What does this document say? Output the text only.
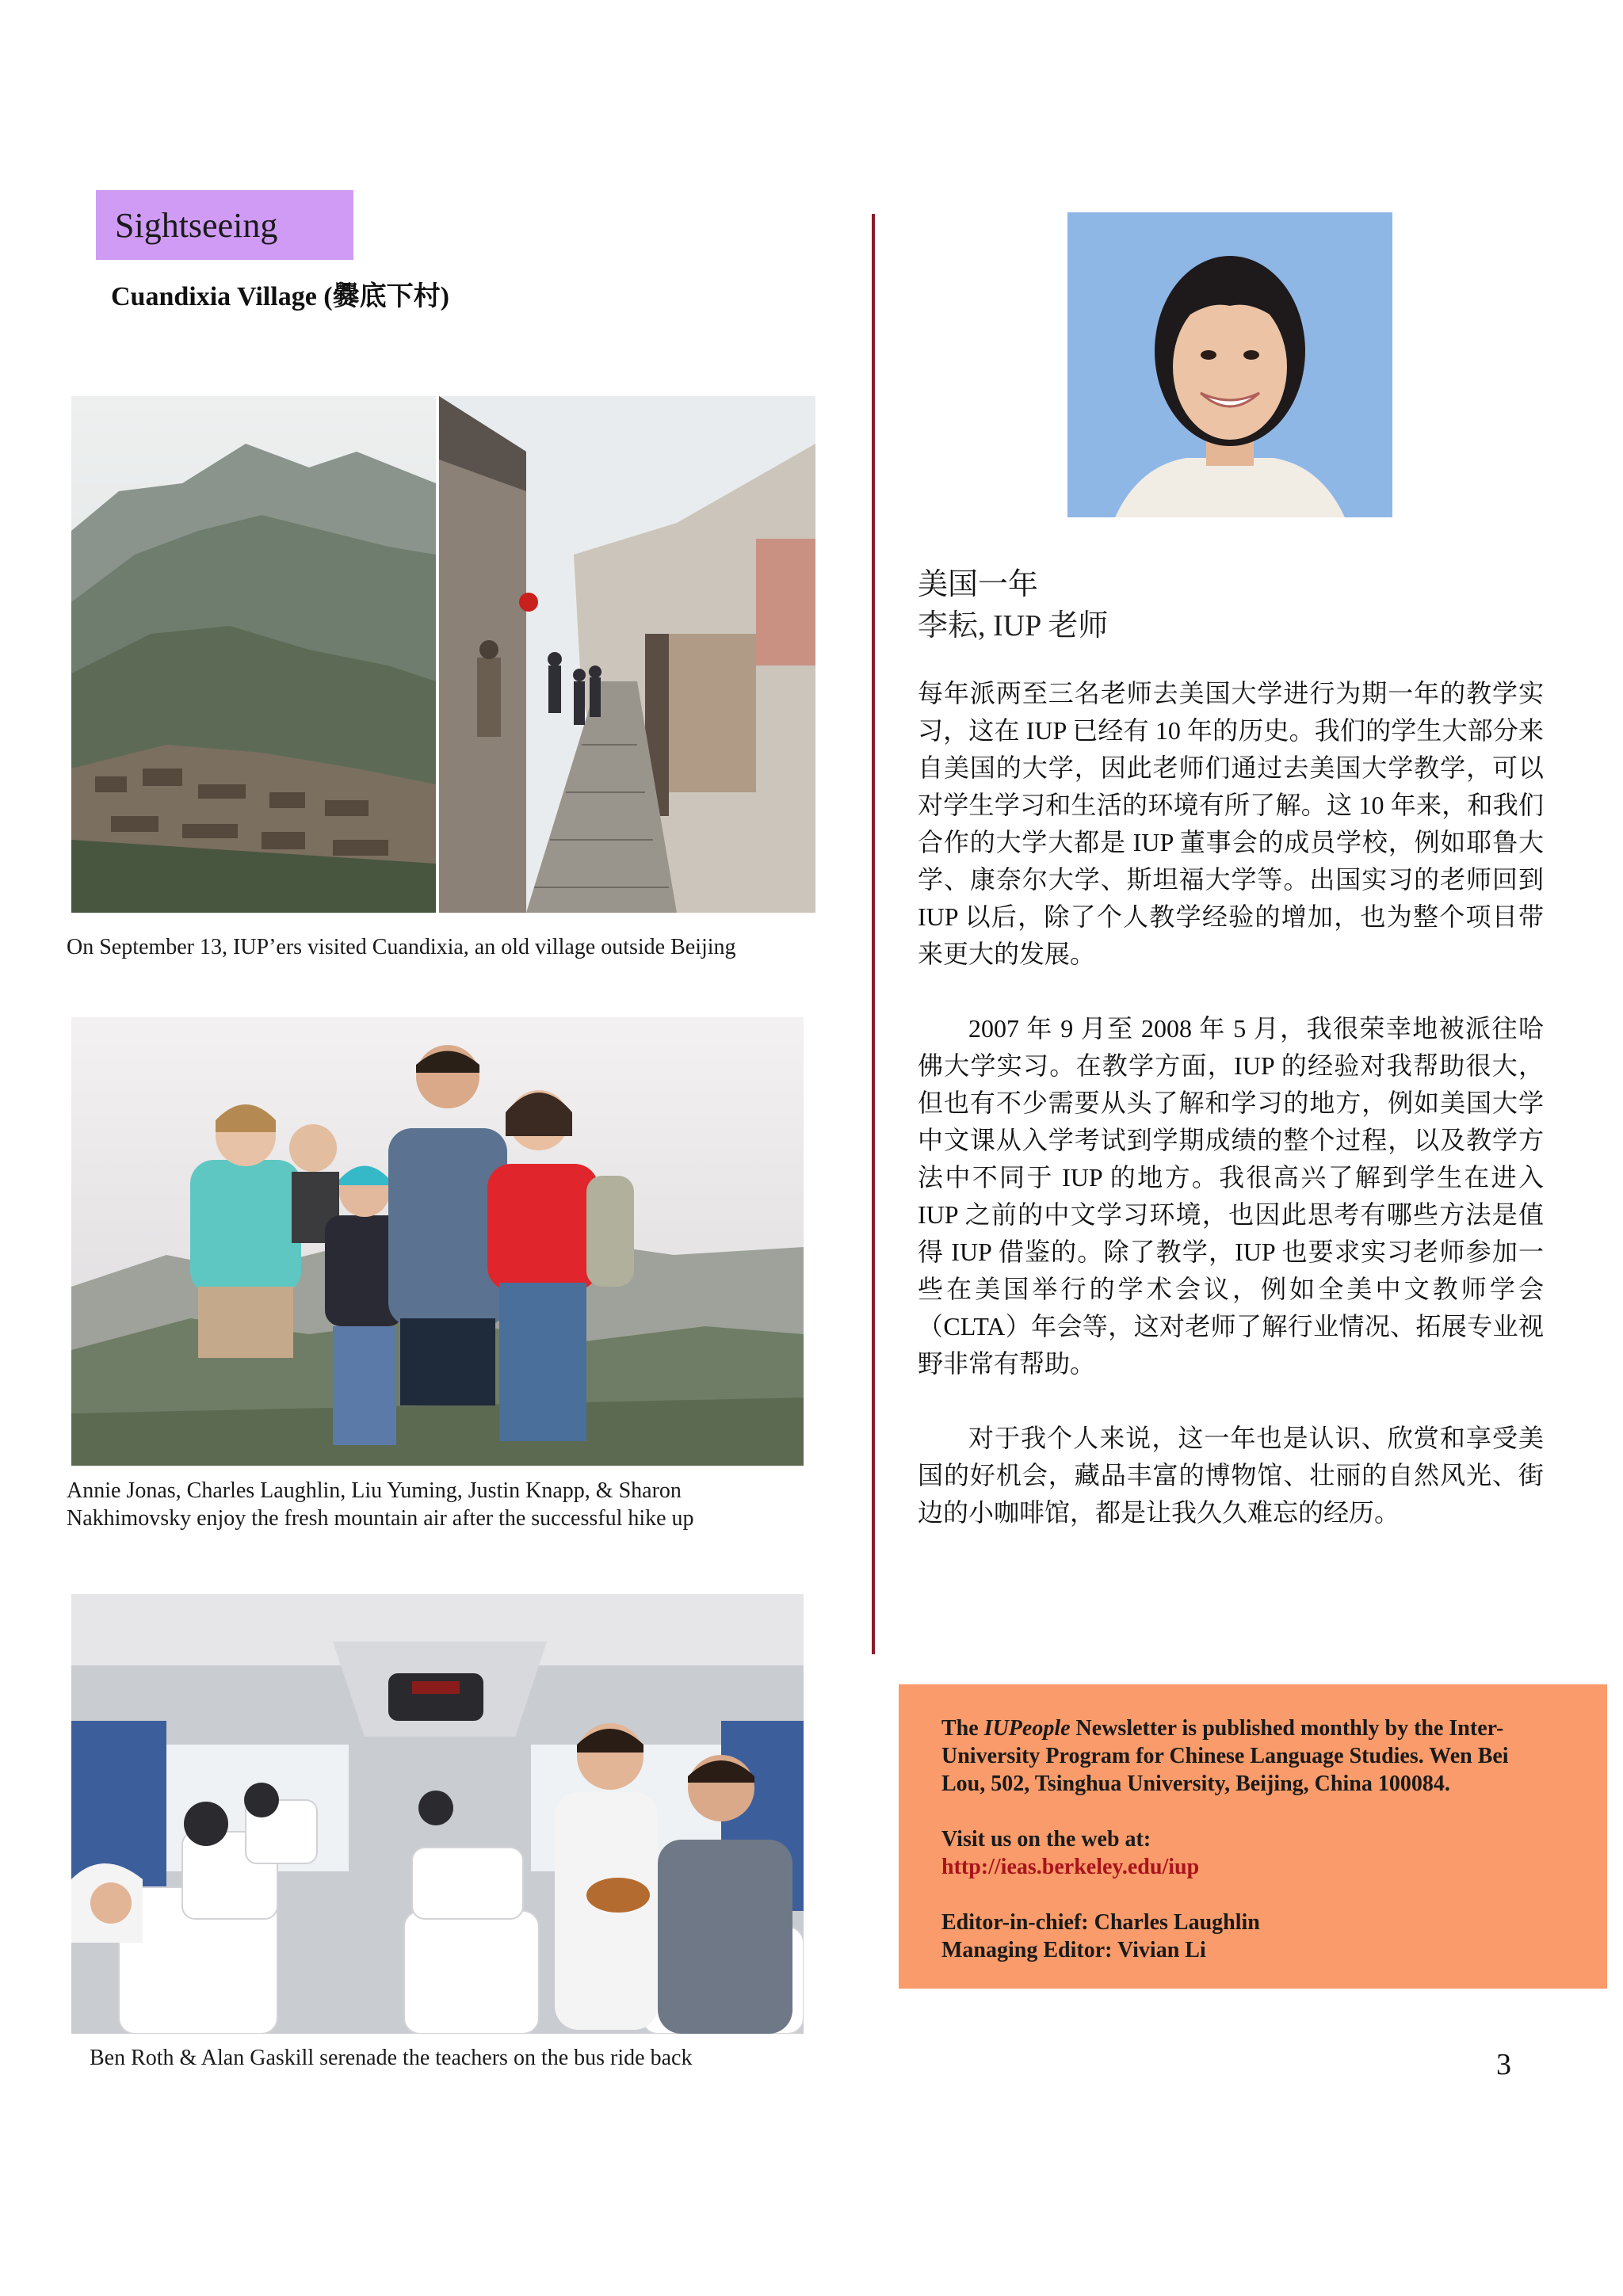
Sightseeing
Cuandixia Village (爨底下村)
On September 13, IUP’ers visited Cuandixia, an old village outside Beijing
Annie Jonas, Charles Laughlin, Liu Yuming, Justin Knapp, & Sharon
Nakhimovsky enjoy the fresh mountain air after the successful hike up
Ben Roth & Alan Gaskill serenade the teachers on the bus ride back
美国一年
李耘, IUP 老师

每年派两至三名老师去美国大学进行为期一年的教学实习，这在 IUP 已经有 10 年的历史。我们的学生大部分来自美国的大学，因此老师们通过去美国大学教学，可以对学生学习和生活的环境有所了解。这 10 年来，和我们合作的大学大都是 IUP 董事会的成员学校，例如耶鲁大学、康奈尔大学、斯坦福大学等。出国实习的老师回到 IUP 以后，除了个人教学经验的增加，也为整个项目带来更大的发展。

2007 年 9 月至 2008 年 5 月，我很荣幸地被派往哈佛大学实习。在教学方面，IUP 的经验对我帮助很大，但也有不少需要从头了解和学习的地方，例如美国大学中文课从入学考试到学期成绩的整个过程，以及教学方法中不同于 IUP 的地方。我很高兴了解到学生在进入 IUP 之前的中文学习环境，也因此思考有哪些方法是值得 IUP 借鉴的。除了教学，IUP 也要求实习老师参加一些在美国举行的学术会议，例如全美中文教师学会（CLTA）年会等，这对老师了解行业情况、拓展专业视野非常有帮助。

对于我个人来说，这一年也是认识、欣赏和享受美国的好机会，藏品丰富的博物馆、壮丽的自然风光、街边的小咖啡馆，都是让我久久难忘的经历。

The IUPeople Newsletter is published monthly by the Inter-
University Program for Chinese Language Studies. Wen Bei
Lou, 502, Tsinghua University, Beijing, China 100084.
Visit us on the web at:
http://ieas.berkeley.edu/iup
Editor-in-chief: Charles Laughlin
Managing Editor: Vivian Li
3
